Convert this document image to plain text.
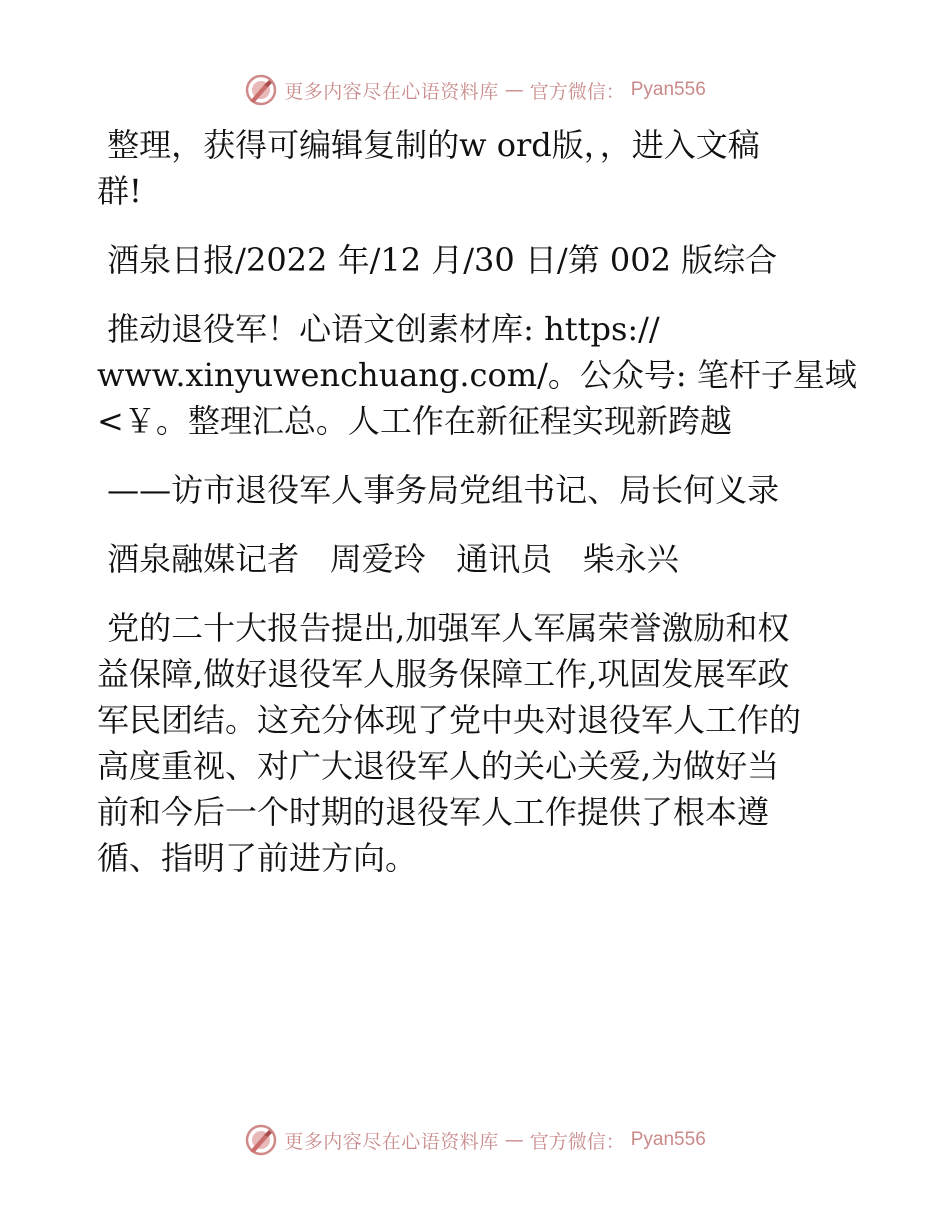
更多内容尽在心语资料库 — 官方微信： Pyan556

整理，获得可编辑复制的w ord版，，进入文稿
群!

酒泉日报/2022 年/12 月/30 日/第 002 版综合

推动退役军！心语文创素材库: https://
www.xinyuwenchuang.com/。公众号: 笔杆子星域
<￥。整理汇总。人工作在新征程实现新跨越

——访市退役军人事务局党组书记、局长何义录

酒泉融媒记者   周爱玲   通讯员   柴永兴

党的二十大报告提出,加强军人军属荣誉激励和权
益保障,做好退役军人服务保障工作,巩固发展军政
军民团结。这充分体现了党中央对退役军人工作的
高度重视、对广大退役军人的关心关爱,为做好当
前和今后一个时期的退役军人工作提供了根本遵
循、指明了前进方向。

更多内容尽在心语资料库 — 官方微信： Pyan556
